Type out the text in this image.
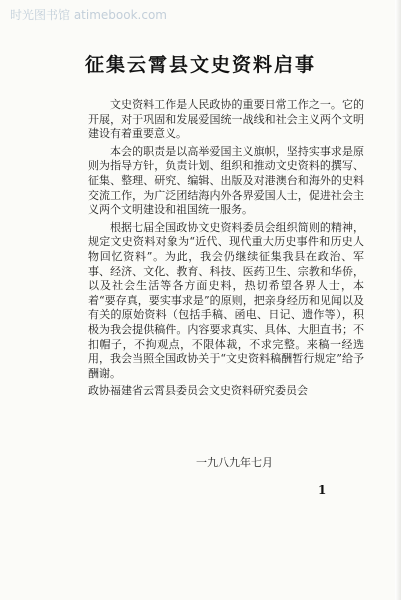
时光图书馆 atimebook.com
征集云霄县文史资料启事

文史资料工作是人民政协的重要日常工作之一。它的开展，对于巩固和发展爱国统一战线和社会主义两个文明建设有着重要意义。

本会的职责是以高举爱国主义旗帜，坚持实事求是原则为指导方针，负责计划、组织和推动文史资料的撰写、征集、整理、研究、编辑、出版及对港澳台和海外的史料交流工作，为广泛团结海内外各界爱国人士，促进社会主义两个文明建设和祖国统一服务。

根据七届全国政协文史资料委员会组织简则的精神，规定文史资料对象为“近代、现代重大历史事件和历史人物回忆资料”。为此，我会仍继续征集我县在政治、军事、经济、文化、教育、科技、医药卫生、宗教和华侨，以及社会生活等各方面史料，热切希望各界人士，本着“要存真，要实事求是”的原则，把亲身经历和见闻以及有关的原始资料（包括手稿、函电、日记、遗作等），积极为我会提供稿件。内容要求真实、具体、大胆直书；不扣帽子，不拘观点，不限体裁，不求完整。来稿一经选用，我会当照全国政协关于“文史资料稿酬暂行规定”给予酬谢。

政协福建省云霄县委员会文史资料研究委员会

一九八九年七月
1
